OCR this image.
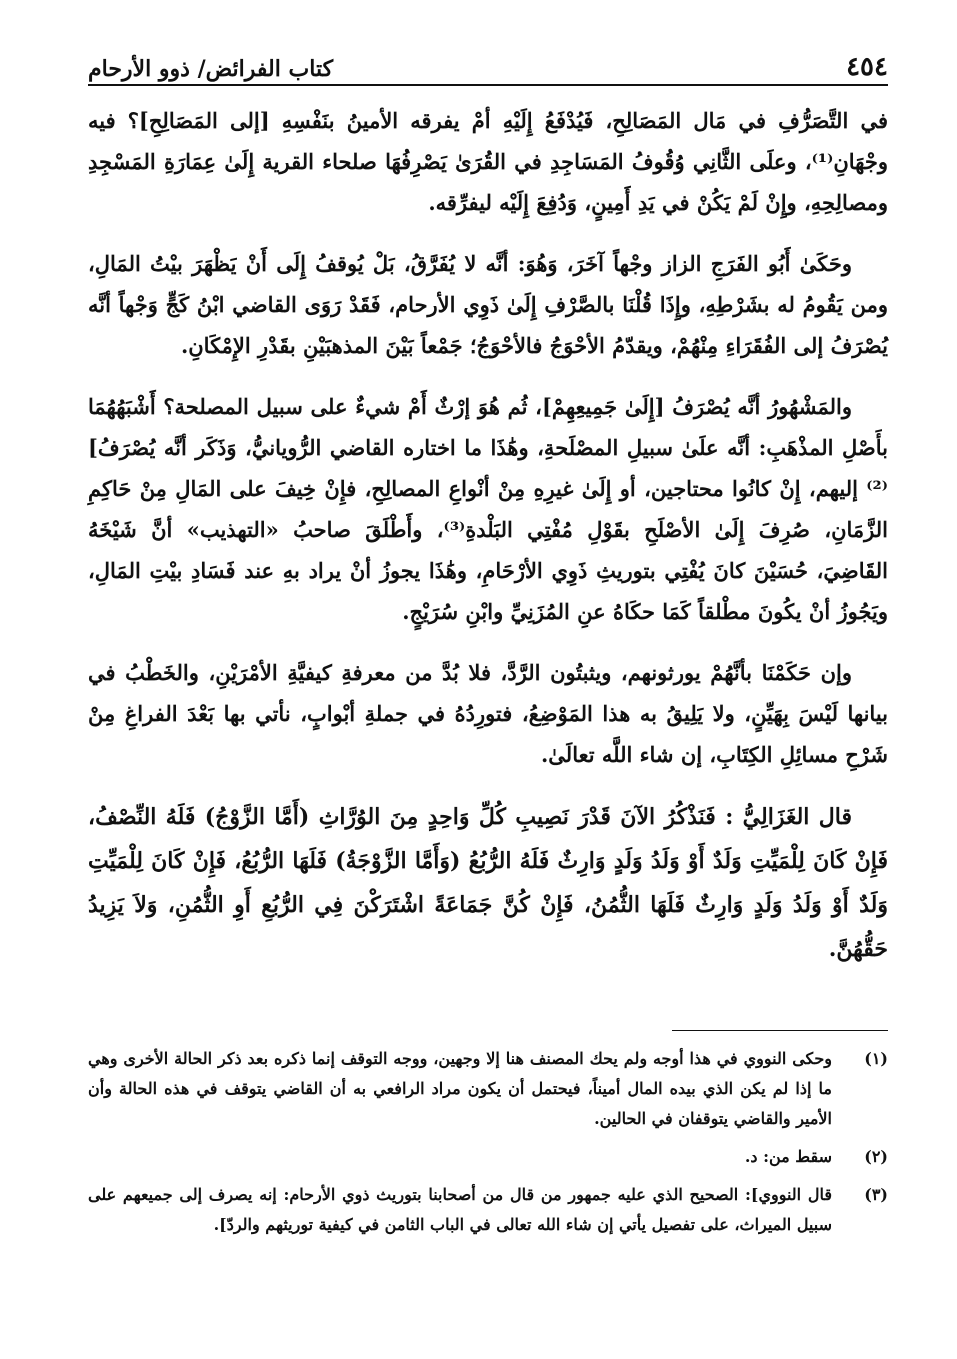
٤٥٤
كتاب الفرائض/ ذوو الأرحام

في التَّصَرُّفِ في مَال المَصَالِحِ، فَيُدْفَعُ إِلَيْهِ أمْ يفرقه الأمينُ بنَفْسِهِ [إلى المَصَالِحِ]؟ فيه وجْهَانِ⁽¹⁾، وعلَى الثَّانِي وُقُوفُ المَسَاجِدِ في القُرَىٰ يَصْرِفُهَا صلحاء القرية إِلَىٰ عِمَارَةِ المَسْجِدِ ومصالِحِهِ، وإِنْ لَمْ يَكُنْ في يَدِ أَمِينٍ، وَدُفِعَ إِلَيْه ليفرِّقه.

وحَكَىٰ أَبُو الفَرَجِ الزاز وجْهاً آخَرَ، وَهُوَ: أنَّه لا يُفَرَّقُ، بَلْ يُوقفُ إِلَى أَنْ يَظْهَرَ بيْتُ المَالِ، ومن يَقُومُ له بشَرْطِهِ، وإِذَا قُلْنَا بالصَّرْفِ إِلَىٰ ذَوِي الأرحام، فَقَدْ رَوَى القاضي ابْنُ كَجٍّ وَجْهاً أنَّه يُصْرَفُ إلى الفُقَرَاءِ مِنْهُمْ، ويقدّمُ الأحْوَجُ فالأحْوَجُ؛ جَمْعاً بَيْنَ المذهبَيْنِ بقَدْرِ الإِمْكَانِ.

والمَشْهُورُ أنَّه يُصْرَفُ [إِلَىٰ جَمِيعِهِمْ]، ثُم هُوَ إرْثٌ أَمْ شيءٌ على سبيل المصلحة؟ أَشْبَهُهُمَا بأَصْلِ المذْهَبِ: أنَّه علَىٰ سبيلِ المصْلَحةِ، وهَٰذَا ما اختاره القاضي الرُّويانيُّ، وَذَكَر أنَّه يُصْرَفُ]⁽²⁾ إليهم، إِنْ كانُوا محتاجين، أو إِلَىٰ غيرِهِ مِنْ أنْواعِ المصالِحِ، فإِنْ خِيفَ على المَالِ مِنْ حَاكِمِ الزَّمَانِ، صُرِفَ إِلَىٰ الأصْلَحِ بقَوْلِ مُفْتِي البَلْدةِ⁽³⁾، وأَطْلَقَ صاحبُ «التهذيب» أنَّ شَيْخَهُ القَاضِيَ، حُسَيْنَ كانَ يُفْتِي بتوريثِ ذَوِي الأرْحَامِ، وهَٰذَا يجوزُ أنْ يراد بهِ عند فَسَادِ بيْتِ المَالِ، ويَجُوزُ أنْ يكُونَ مطْلقاً كَمَا حكَاهُ عنِ المُزَنِيِّ وابْنِ سُرَيْجٍ.

وإن حَكَمْنَا بأنَّهُمْ يورثونهم، ويثبتُون الرَّدَّ، فلا بُدَّ من معرفةِ كيفيَّةِ الأمْرَيْنِ، والخَطْبُ في بيانها لَيْسَ بِهَيِّنٍ، ولا يَلِيقُ به هذا المَوْضِعُ، فتورِدُهُ في جملةِ أبْوابٍ، نأتي بها بَعْدَ الفراغِ مِنْ شَرْحِ مسائِلِ الكِتَابِ، إن شاء اللَّه تعالَىٰ.

قال الغَزَالِيُّ : فَنَذْكُرُ الآنَ قَدْرَ نَصِيبِ كُلِّ وَاحِدٍ مِنَ الوُرَّاثِ (أَمَّا الزَّوْجُ) فَلَهُ النِّصْفُ، فَإِنْ كَانَ لِلْمَيِّتِ وَلَدٌ أَوْ وَلَدُ وَلَدٍ وَارِثٌ فَلَهُ الرُّبُعُ (وَأَمَّا الزَّوْجَةُ) فَلَهَا الرُّبُعُ، فَإِنْ كَانَ لِلْمَيِّتِ وَلَدٌ أَوْ وَلَدُ وَلَدٍ وَارِثٌ فَلَهَا الثُّمُنُ، فَإِنْ كُنَّ جَمَاعَةً اشْتَرَكْنَ فِي الرُّبُعِ أَوِ الثُّمُنِ، وَلاَ يَزِيدُ حَقُّهُنَّ.

(١)
وحكى النووي في هذا أوجه ولم يحك المصنف هنا إلا وجهين، ووجه التوقف إنما ذكره بعد ذكر الحالة الأخرى وهي ما إذا لم يكن الذي بيده المال أميناً، فيحتمل أن يكون مراد الرافعي به أن القاضي يتوقف في هذه الحالة وأن الأمير والقاضي يتوقفان في الحالين.
(٢)
سقط من: د.
(٣)
قال النووي]: الصحيح الذي عليه جمهور من قال من أصحابنا بتوريث ذوي الأرحام: إنه يصرف إلى جميعهم على سبيل الميراث، على تفصيل يأتي إن شاء الله تعالى في الباب الثامن في كيفية توريثهم والردّ].
